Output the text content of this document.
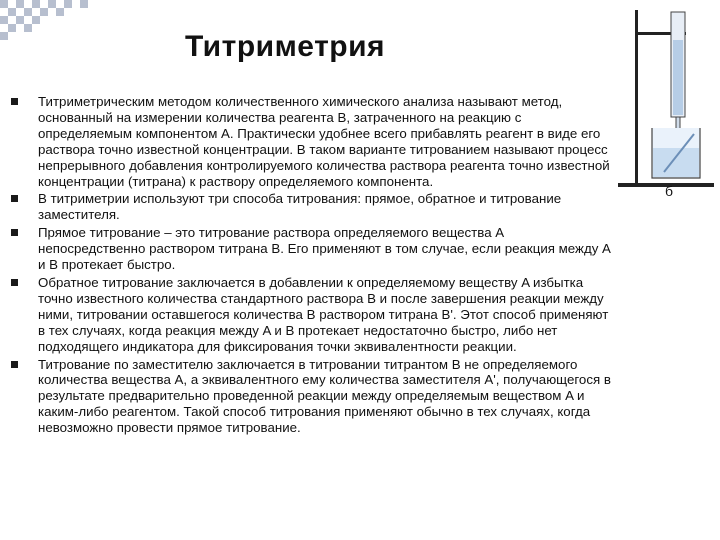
Титриметрия
Титриметрическим методом количественного химического анализа называют метод, основанный на измерении количества реагента B, затраченного на реакцию с определяемым компонентом A. Практически удобнее всего прибавлять реагент в виде его раствора точно известной концентрации. В таком варианте титрованием называют процесс непрерывного добавления контролируемого количества раствора реагента точно известной концентрации (титрана) к раствору определяемого компонента.
В титриметрии используют три способа титрования: прямое, обратное и титрование заместителя.
Прямое титрование – это титрование раствора определяемого вещества A непосредственно раствором титрана B. Его применяют в том случае, если реакция между A и B протекает быстро.
Обратное титрование заключается в добавлении к определяемому веществу A избытка точно известного количества стандартного раствора B и после завершения реакции между ними, титровании оставшегося количества B раствором титрана B'. Этот способ применяют в тех случаях, когда реакция между A и B протекает недостаточно быстро, либо нет подходящего индикатора для фиксирования точки эквивалентности реакции.
Титрование по заместителю заключается в титровании титрантом B не определяемого количества вещества A, а эквивалентного ему количества заместителя A', получающегося в результате предварительно проведенной реакции между определяемым веществом A и каким-либо реагентом. Такой способ титрования применяют обычно в тех случаях, когда невозможно провести прямое титрование.
б
